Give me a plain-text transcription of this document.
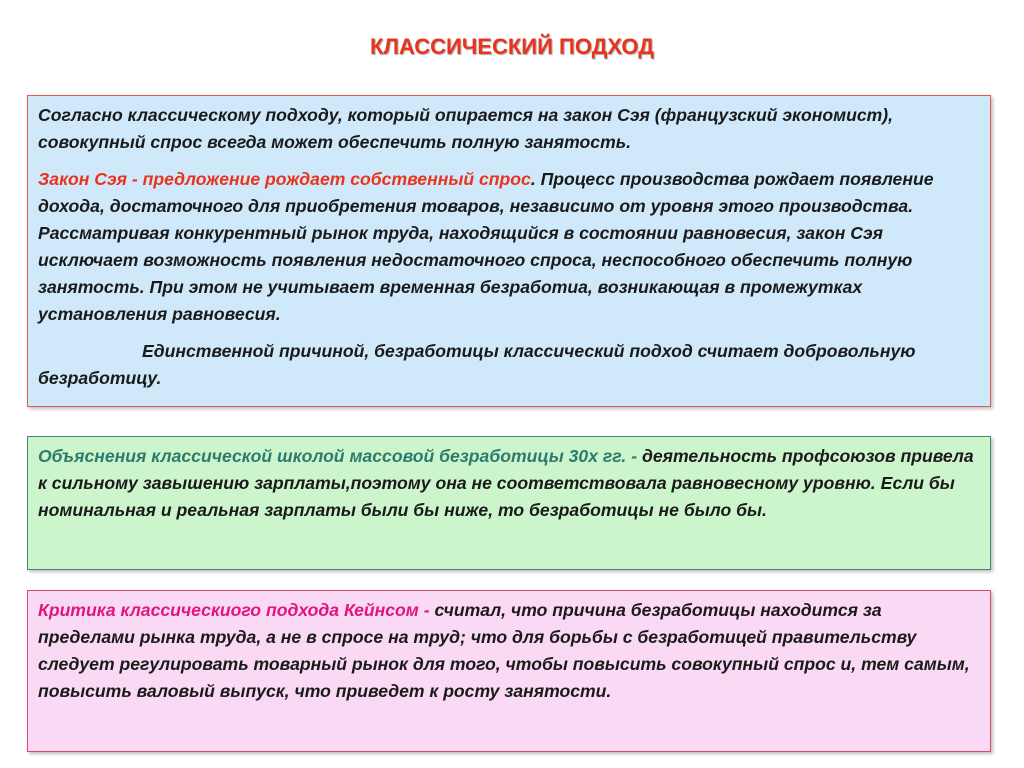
КЛАССИЧЕСКИЙ ПОДХОД

Согласно классическому подходу, который опирается на закон Сэя (французский экономист), совокупный спрос всегда может обеспечить полную занятость.

Закон Сэя - предложение рождает собственный спрос. Процесс производства рождает появление дохода, достаточного для приобретения товаров, независимо от уровня этого производства. Рассматривая конкурентный рынок труда, находящийся в состоянии равновесия, закон Сэя исключает возможность появления недостаточного спроса, неспособного обеспечить полную занятость. При этом не учитывает временная безработиа, возникающая в промежутках установления равновесия.

Единственной причиной, безработицы классический подход считает добровольную безработицу.

Объяснения классической школой массовой безработицы 30х гг. - деятельность профсоюзов привела к сильному завышению зарплаты,поэтому она не соответствовала равновесному уровню. Если бы номинальная и реальная зарплаты были бы ниже, то безработицы не было бы.

Критика классическиого подхода Кейнсом - считал, что причина безработицы находится за пределами рынка труда, а не в спросе на труд; что для борьбы с безработицей правительству следует регулировать товарный рынок для того, чтобы повысить совокупный спрос и, тем самым, повысить валовый выпуск, что приведет к росту занятости.
